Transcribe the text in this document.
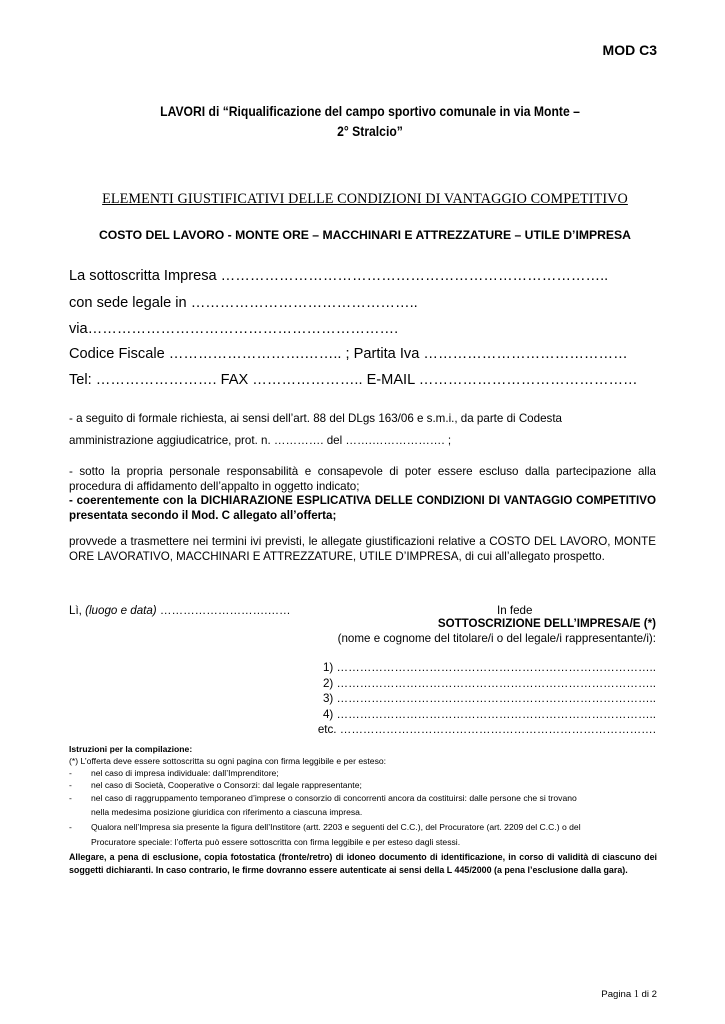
MOD C3
LAVORI di “Riqualificazione del campo sportivo comunale in via Monte –
2° Stralcio”
ELEMENTI GIUSTIFICATIVI DELLE CONDIZIONI DI VANTAGGIO COMPETITIVO
COSTO DEL LAVORO - MONTE ORE – MACCHINARI E ATTREZZATURE – UTILE D’IMPRESA
La sottoscritta Impresa ……………………………………………………………………..
con sede legale in ………………………………………..
via……………………………………………………….
Codice Fiscale ……………………….…….. ; Partita Iva ……………………………………
Tel: ……………………. FAX ………………….. E-MAIL ………………………………………
- a seguito di formale richiesta, ai sensi dell’art. 88 del DLgs 163/06 e s.m.i., da parte di Codesta
amministrazione aggiudicatrice, prot. n. …………. del …….………………. ;
- sotto la propria personale responsabilità e consapevole di poter essere escluso dalla partecipazione alla procedura di affidamento dell’appalto in oggetto indicato;
- coerentemente con la DICHIARAZIONE ESPLICATIVA DELLE CONDIZIONI DI VANTAGGIO COMPETITIVO presentata secondo il Mod. C allegato all’offerta;
provvede a trasmettere nei termini ivi previsti, le allegate giustificazioni relative a COSTO DEL LAVORO, MONTE ORE LAVORATIVO, MACCHINARI E ATTREZZATURE, UTILE D’IMPRESA, di cui all’allegato prospetto.
Lì, (luogo e data) ……………………….……	In fede
SOTTOSCRIZIONE DELL’IMPRESA/E (*)
(nome e cognome del titolare/i o del legale/i rappresentante/i):
1) ………………………………………………………………………..
2) ………………………………………………………………………..
3) ………………………………………………………………………..
4) ………………………………………………………………………..
etc. ……………………………………………………………………….
Istruzioni per la compilazione:
(*) L’offerta deve essere sottoscritta su ogni pagina con firma leggibile e per esteso:
- nel caso di impresa individuale: dall’Imprenditore;
- nel caso di Società, Cooperative o Consorzi: dal legale rappresentante;
- nel caso di raggruppamento temporaneo d’imprese o consorzio di concorrenti ancora da costituirsi: dalle persone che si trovano
nella medesima posizione giuridica con riferimento a ciascuna impresa.
- Qualora nell’Impresa sia presente la figura dell’Institore (artt. 2203 e seguenti del C.C.), del Procuratore (art. 2209 del C.C.) o del
Procuratore speciale: l’offerta può essere sottoscritta con firma leggibile e per esteso dagli stessi.
Allegare, a pena di esclusione, copia fotostatica (fronte/retro) di idoneo documento di identificazione, in corso di validità di ciascuno dei soggetti dichiaranti. In caso contrario, le firme dovranno essere autenticate ai sensi della L 445/2000 (a pena l’esclusione dalla gara).
Pagina 1 di 2
